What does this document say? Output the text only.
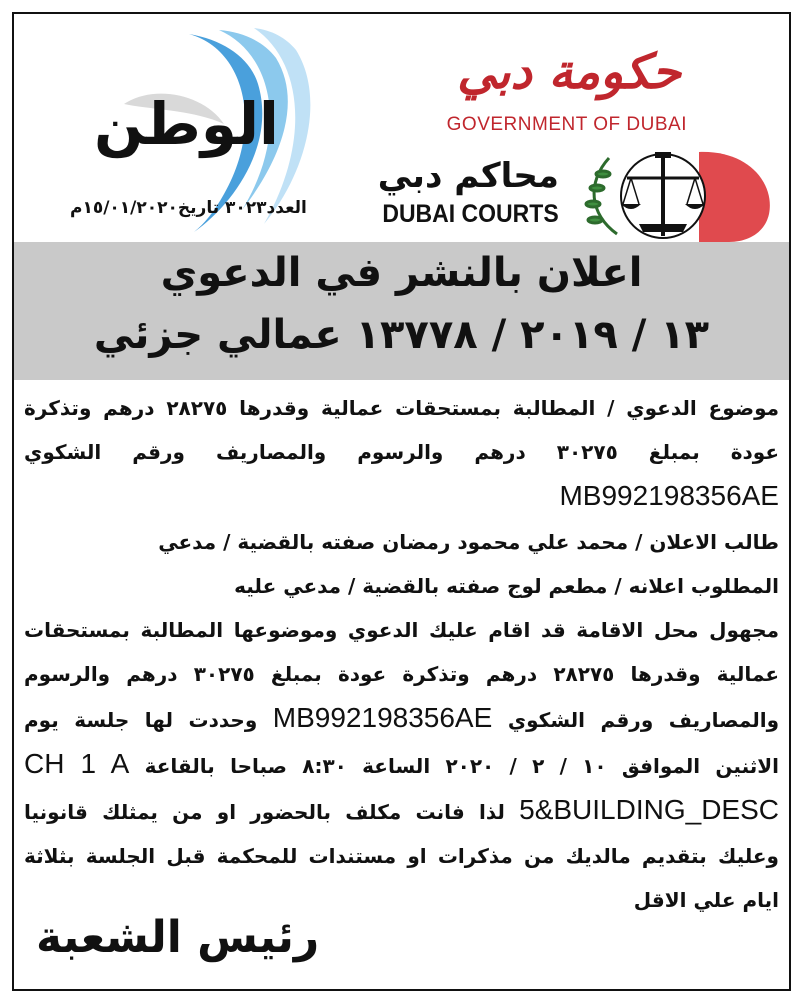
الوطن
العدد٣٠٢٣ تاريخ١٥/٠١/٢٠٢٠م
حكومة دبي
GOVERNMENT OF DUBAI
محاكم دبي
DUBAI COURTS
اعلان بالنشر في الدعوي
١٣ / ٢٠١٩ / ١٣٧٧٨ عمالي جزئي

موضوع الدعوي / المطالبة بمستحقات عمالية وقدرها ٢٨٢٧٥ درهم وتذكرة عودة بمبلغ ٣٠٢٧٥ درهم والرسوم والمصاريف ورقم الشكوي MB992198356AE

طالب الاعلان / محمد علي محمود رمضان صفته بالقضية / مدعي

المطلوب اعلانه / مطعم لوج صفته بالقضية / مدعي عليه

مجهول محل الاقامة قد اقام عليك الدعوي وموضوعها المطالبة بمستحقات عمالية وقدرها ٢٨٢٧٥ درهم وتذكرة عودة بمبلغ ٣٠٢٧٥ درهم والرسوم والمصاريف ورقم الشكوي MB992198356AE وحددت لها جلسة يوم الاثنين الموافق ١٠ / ٢ / ٢٠٢٠ الساعة ٨:٣٠ صباحا بالقاعة CH 1 A 5&BUILDING_DESC لذا فانت مكلف بالحضور او من يمثلك قانونيا وعليك بتقديم مالديك من مذكرات او مستندات للمحكمة قبل الجلسة بثلاثة ايام علي الاقل

رئيس الشعبة
